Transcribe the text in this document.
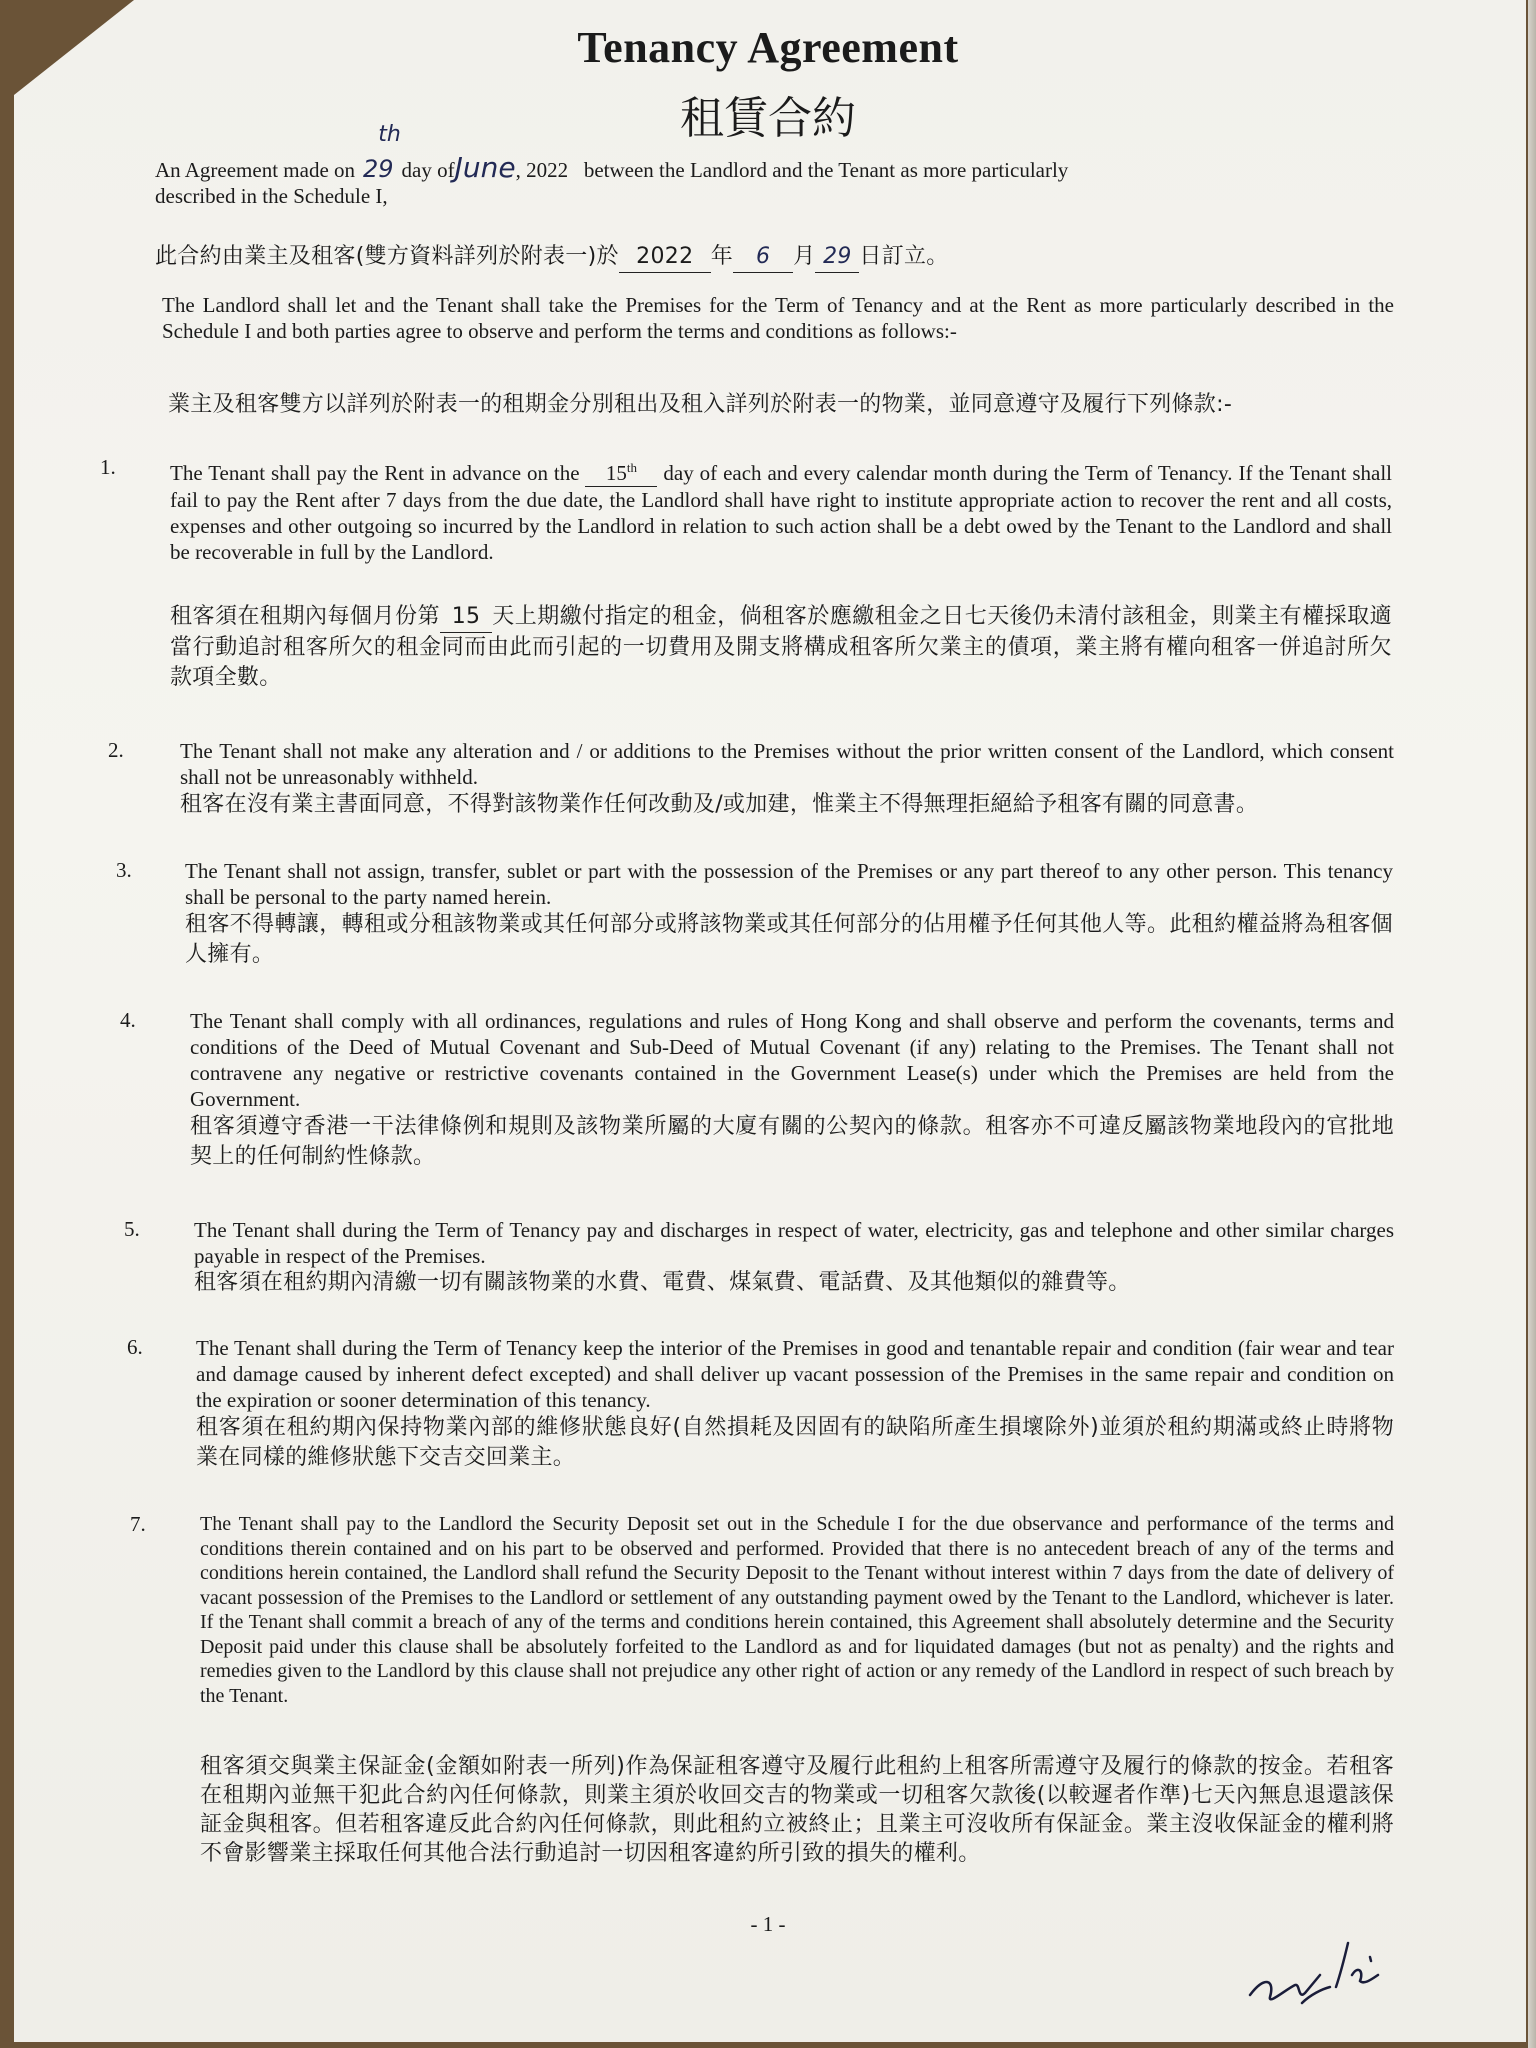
Tenancy Agreement
租賃合約
An Agreement made on 29
th
day ofJune, 2022 between the Landlord and the Tenant as more particularly
described in the Schedule I,
此合約由業主及租客(雙方資料詳列於附表一)於 2022 年 6 月 29 日訂立。
The Landlord shall let and the Tenant shall take the Premises for the Term of Tenancy and at the Rent as more particularly described in the Schedule I and both parties agree to observe and perform the terms and conditions as follows:-
業主及租客雙方以詳列於附表一的租期金分別租出及租入詳列於附表一的物業，並同意遵守及履行下列條款:-
1.	The Tenant shall pay the Rent in advance on the 15th day of each and every calendar month during the Term of Tenancy. If the Tenant shall fail to pay the Rent after 7 days from the due date, the Landlord shall have right to institute appropriate action to recover the rent and all costs, expenses and other outgoing so incurred by the Landlord in relation to such action shall be a debt owed by the Tenant to the Landlord and shall be recoverable in full by the Landlord.
租客須在租期內每個月份第 15 天上期繳付指定的租金，倘租客於應繳租金之日七天後仍未清付該租金，則業主有權採取適當行動追討租客所欠的租金同而由此而引起的一切費用及開支將構成租客所欠業主的債項，業主將有權向租客一併追討所欠款項全數。
2.	The Tenant shall not make any alteration and / or additions to the Premises without the prior written consent of the Landlord, which consent shall not be unreasonably withheld.
租客在沒有業主書面同意，不得對該物業作任何改動及/或加建，惟業主不得無理拒絕給予租客有關的同意書。
3.	The Tenant shall not assign, transfer, sublet or part with the possession of the Premises or any part thereof to any other person. This tenancy shall be personal to the party named herein.
租客不得轉讓，轉租或分租該物業或其任何部分或將該物業或其任何部分的佔用權予任何其他人等。此租約權益將為租客個人擁有。
4.	The Tenant shall comply with all ordinances, regulations and rules of Hong Kong and shall observe and perform the covenants, terms and conditions of the Deed of Mutual Covenant and Sub-Deed of Mutual Covenant (if any) relating to the Premises. The Tenant shall not contravene any negative or restrictive covenants contained in the Government Lease(s) under which the Premises are held from the Government.
租客須遵守香港一干法律條例和規則及該物業所屬的大廈有關的公契內的條款。租客亦不可違反屬該物業地段內的官批地契上的任何制約性條款。
5.	The Tenant shall during the Term of Tenancy pay and discharges in respect of water, electricity, gas and telephone and other similar charges payable in respect of the Premises.
租客須在租約期內清繳一切有關該物業的水費、電費、煤氣費、電話費、及其他類似的雜費等。
6.	The Tenant shall during the Term of Tenancy keep the interior of the Premises in good and tenantable repair and condition (fair wear and tear and damage caused by inherent defect excepted) and shall deliver up vacant possession of the Premises in the same repair and condition on the expiration or sooner determination of this tenancy.
租客須在租約期內保持物業內部的維修狀態良好(自然損耗及因固有的缺陷所產生損壞除外)並須於租約期滿或終止時將物業在同樣的維修狀態下交吉交回業主。
7.	The Tenant shall pay to the Landlord the Security Deposit set out in the Schedule I for the due observance and performance of the terms and conditions therein contained and on his part to be observed and performed. Provided that there is no antecedent breach of any of the terms and conditions herein contained, the Landlord shall refund the Security Deposit to the Tenant without interest within 7 days from the date of delivery of vacant possession of the Premises to the Landlord or settlement of any outstanding payment owed by the Tenant to the Landlord, whichever is later. If the Tenant shall commit a breach of any of the terms and conditions herein contained, this Agreement shall absolutely determine and the Security Deposit paid under this clause shall be absolutely forfeited to the Landlord as and for liquidated damages (but not as penalty) and the rights and remedies given to the Landlord by this clause shall not prejudice any other right of action or any remedy of the Landlord in respect of such breach by the Tenant.
租客須交與業主保証金(金額如附表一所列)作為保証租客遵守及履行此租約上租客所需遵守及履行的條款的按金。若租客在租期內並無干犯此合約內任何條款，則業主須於收回交吉的物業或一切租客欠款後(以較遲者作準)七天內無息退還該保証金與租客。但若租客違反此合約內任何條款，則此租約立被終止；且業主可沒收所有保証金。業主沒收保証金的權利將不會影響業主採取任何其他合法行動追討一切因租客違約所引致的損失的權利。
- 1 -
